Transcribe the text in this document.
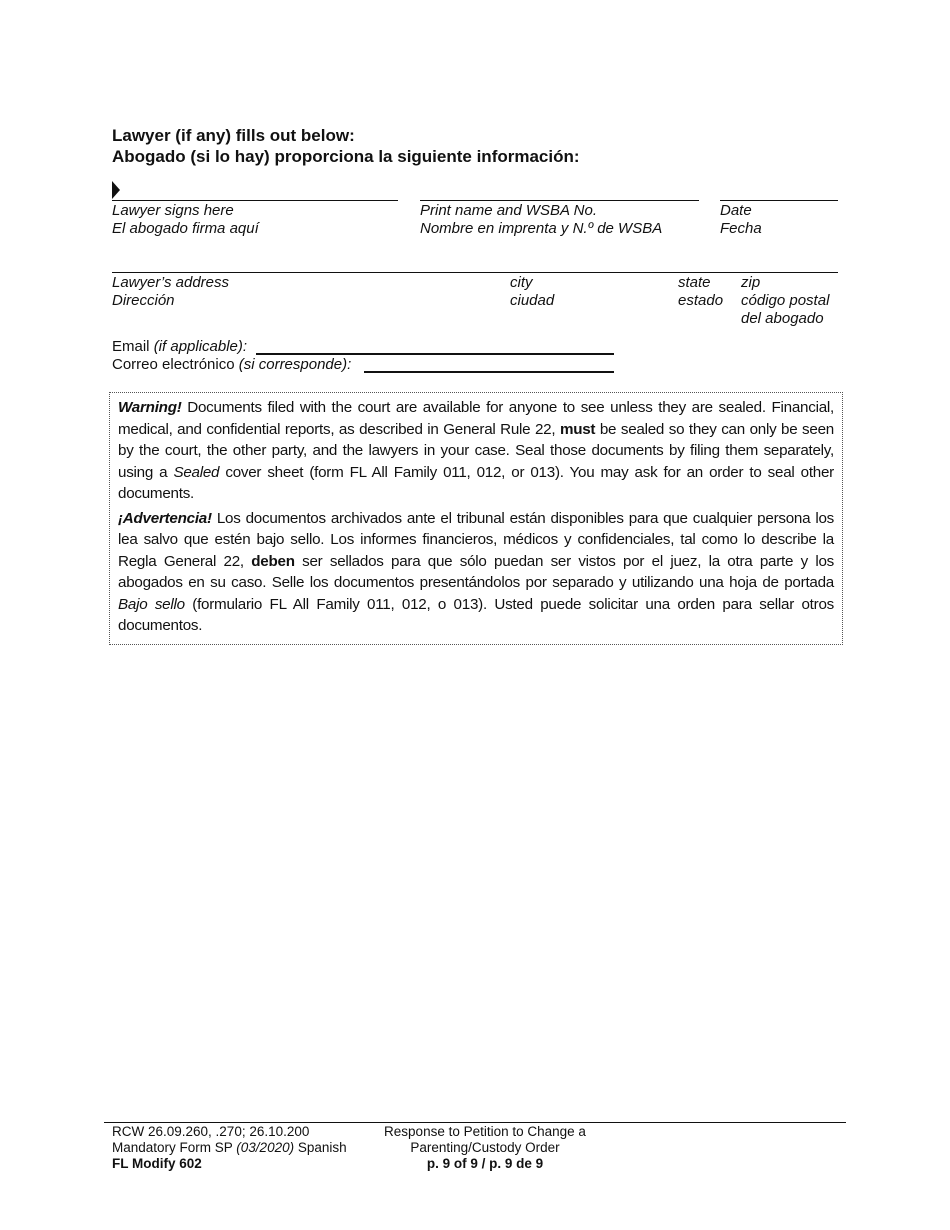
Lawyer (if any) fills out below:
Abogado (si lo hay) proporciona la siguiente información:
Lawyer signs here
El abogado firma aquí
Print name and WSBA No.
Nombre en imprenta y N.º de WSBA
Date
Fecha
Lawyer’s address
Dirección
city
ciudad
state
estado
zip
código postal
del abogado
Email (if applicable):
Correo electrónico (si corresponde):

Warning! Documents filed with the court are available for anyone to see unless they are sealed. Financial, medical, and confidential reports, as described in General Rule 22, must be sealed so they can only be seen by the court, the other party, and the lawyers in your case. Seal those documents by filing them separately, using a Sealed cover sheet (form FL All Family 011, 012, or 013). You may ask for an order to seal other documents.

¡Advertencia! Los documentos archivados ante el tribunal están disponibles para que cualquier persona los lea salvo que estén bajo sello. Los informes financieros, médicos y confidenciales, tal como lo describe la Regla General 22, deben ser sellados para que sólo puedan ser vistos por el juez, la otra parte y los abogados en su caso. Selle los documentos presentándolos por separado y utilizando una hoja de portada Bajo sello (formulario FL All Family 011, 012, o 013). Usted puede solicitar una orden para sellar otros documentos.

RCW 26.09.260, .270; 26.10.200
Mandatory Form SP (03/2020) Spanish
FL Modify 602
Response to Petition to Change a
Parenting/Custody Order
p. 9 of 9 / p. 9 de 9
